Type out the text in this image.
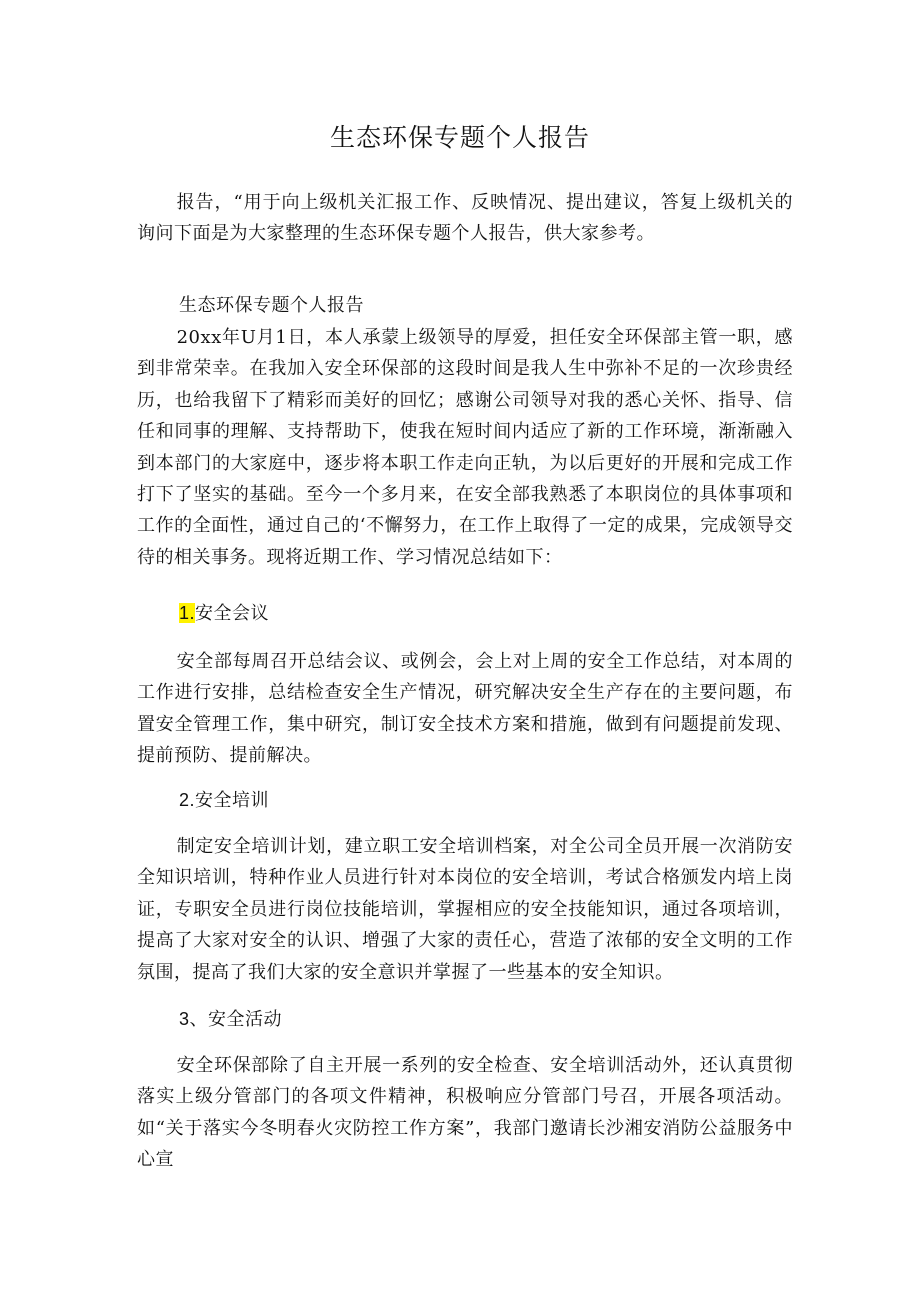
生态环保专题个人报告
报告，“用于向上级机关汇报工作、反映情况、提出建议，答复上级机关的询问下面是为大家整理的生态环保专题个人报告，供大家参考。
生态环保专题个人报告
20xx年U月1日，本人承蒙上级领导的厚爱，担任安全环保部主管一职，感到非常荣幸。在我加入安全环保部的这段时间是我人生中弥补不足的一次珍贵经历，也给我留下了精彩而美好的回忆；感谢公司领导对我的悉心关怀、指导、信任和同事的理解、支持帮助下，使我在短时间内适应了新的工作环境，渐渐融入到本部门的大家庭中，逐步将本职工作走向正轨，为以后更好的开展和完成工作打下了坚实的基础。至今一个多月来，在安全部我熟悉了本职岗位的具体事项和工作的全面性，通过自己的‘不懈努力，在工作上取得了一定的成果，完成领导交待的相关事务。现将近期工作、学习情况总结如下：
1.安全会议
安全部每周召开总结会议、或例会，会上对上周的安全工作总结，对本周的工作进行安排，总结检查安全生产情况，研究解决安全生产存在的主要问题，布置安全管理工作，集中研究，制订安全技术方案和措施，做到有问题提前发现、提前预防、提前解决。
2.安全培训
制定安全培训计划，建立职工安全培训档案，对全公司全员开展一次消防安全知识培训，特种作业人员进行针对本岗位的安全培训，考试合格颁发内培上岗证，专职安全员进行岗位技能培训，掌握相应的安全技能知识，通过各项培训，提高了大家对安全的认识、增强了大家的责任心，营造了浓郁的安全文明的工作氛围，提高了我们大家的安全意识并掌握了一些基本的安全知识。
3、安全活动
安全环保部除了自主开展一系列的安全检查、安全培训活动外，还认真贯彻落实上级分管部门的各项文件精神，积极响应分管部门号召，开展各项活动。如“关于落实今冬明春火灾防控工作方案”，我部门邀请长沙湘安消防公益服务中心宣
